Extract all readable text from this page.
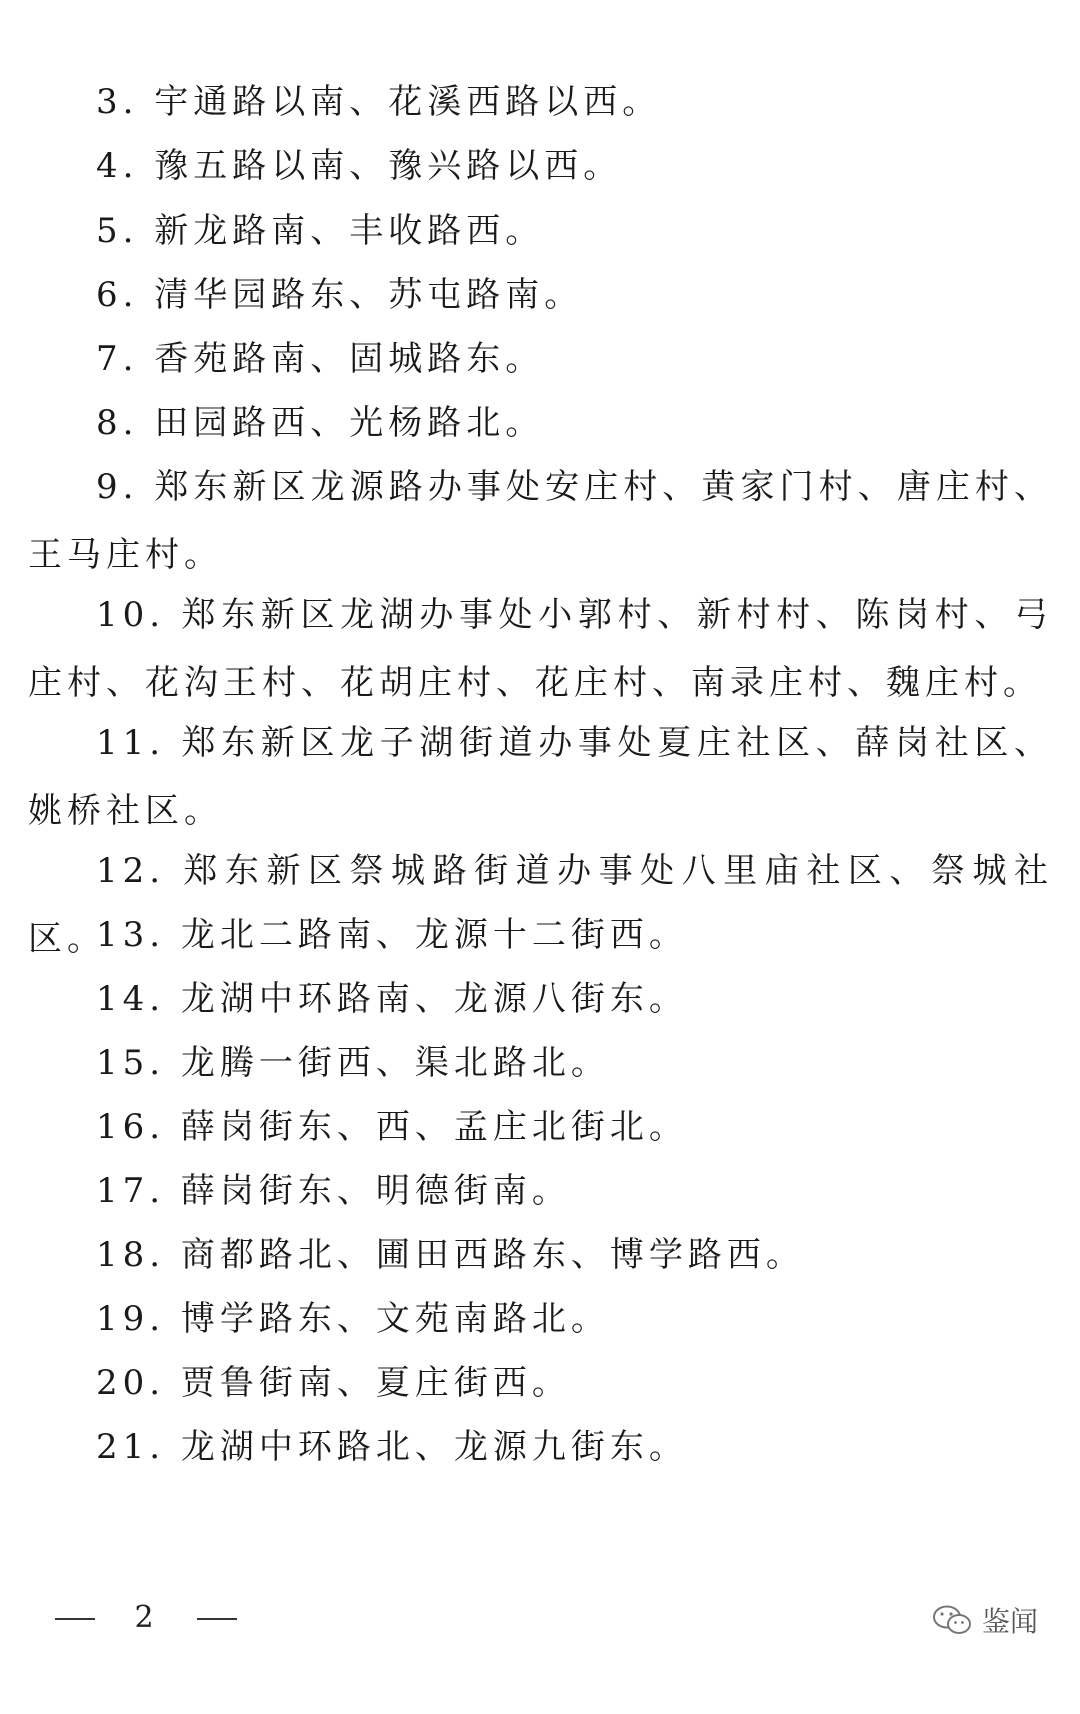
3. 宇通路以南、花溪西路以西。

4. 豫五路以南、豫兴路以西。

5. 新龙路南、丰收路西。

6. 清华园路东、苏屯路南。

7. 香苑路南、固城路东。

8. 田园路西、光杨路北。

9. 郑东新区龙源路办事处安庄村、黄家门村、唐庄村、王马庄村。

10. 郑东新区龙湖办事处小郭村、新村村、陈岗村、弓庄村、花沟王村、花胡庄村、花庄村、南录庄村、魏庄村。

11. 郑东新区龙子湖街道办事处夏庄社区、薛岗社区、姚桥社区。

12. 郑东新区祭城路街道办事处八里庙社区、祭城社区。

13. 龙北二路南、龙源十二街西。

14. 龙湖中环路南、龙源八街东。

15. 龙腾一街西、渠北路北。

16. 薛岗街东、西、孟庄北街北。

17. 薛岗街东、明德街南。

18. 商都路北、圃田西路东、博学路西。

19. 博学路东、文苑南路北。

20. 贾鲁街南、夏庄街西。

21. 龙湖中环路北、龙源九街东。

2	鉴闻
